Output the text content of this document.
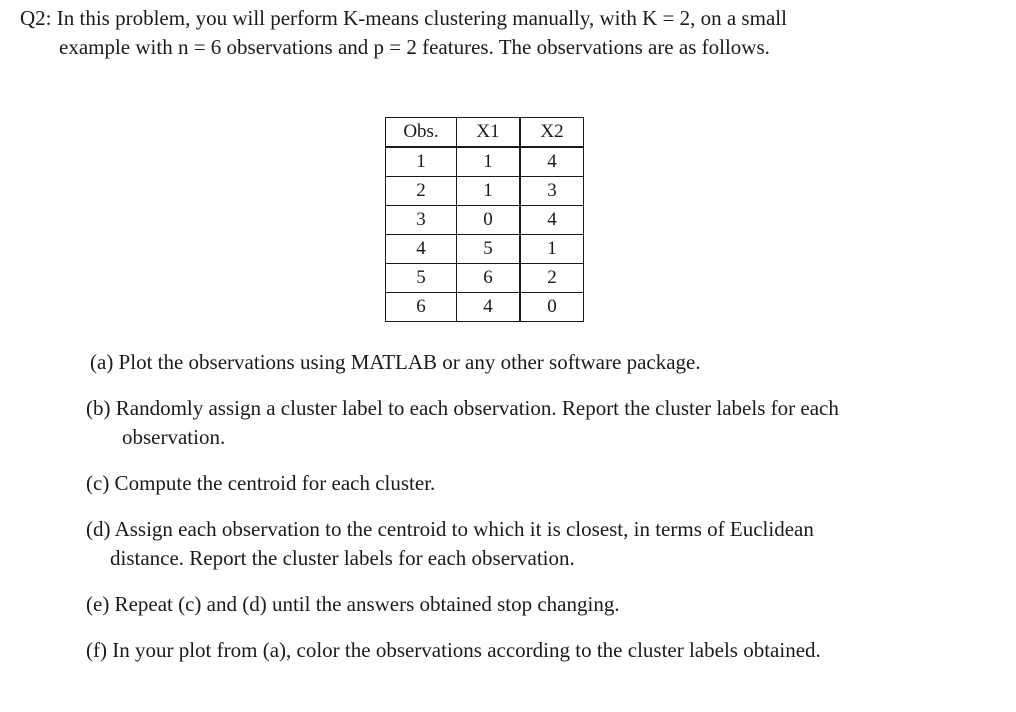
Q2: In this problem, you will perform K-means clustering manually, with K = 2, on a small
example with n = 6 observations and p = 2 features. The observations are as follows.
Obs.	X1	X2
1	1	4
2	1	3
3	0	4
4	5	1
5	6	2
6	4	0
(a) Plot the observations using MATLAB or any other software package.
(b) Randomly assign a cluster label to each observation. Report the cluster labels for each
observation.
(c) Compute the centroid for each cluster.
(d) Assign each observation to the centroid to which it is closest, in terms of Euclidean
distance. Report the cluster labels for each observation.
(e) Repeat (c) and (d) until the answers obtained stop changing.
(f) In your plot from (a), color the observations according to the cluster labels obtained.
